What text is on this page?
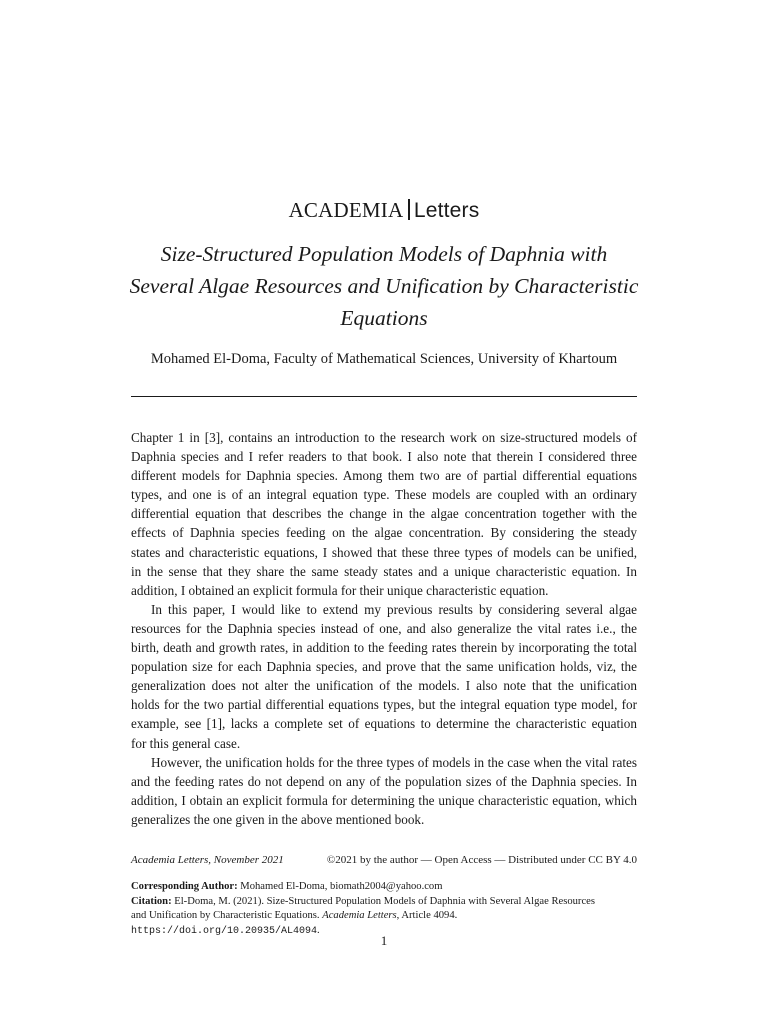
ACADEMIA Letters
Size-Structured Population Models of Daphnia with
Several Algae Resources and Unification by Characteristic
Equations
Mohamed El-Doma, Faculty of Mathematical Sciences, University of Khartoum
Chapter 1 in [3], contains an introduction to the research work on size-structured models of
Daphnia species and I refer readers to that book. I also note that therein I considered three
different models for Daphnia species. Among them two are of partial differential equations
types, and one is of an integral equation type. These models are coupled with an ordinary
differential equation that describes the change in the algae concentration together with the
effects of Daphnia species feeding on the algae concentration. By considering the steady
states and characteristic equations, I showed that these three types of models can be unified,
in the sense that they share the same steady states and a unique characteristic equation. In
addition, I obtained an explicit formula for their unique characteristic equation.
In this paper, I would like to extend my previous results by considering several algae
resources for the Daphnia species instead of one, and also generalize the vital rates i.e., the
birth, death and growth rates, in addition to the feeding rates therein by incorporating the total
population size for each Daphnia species, and prove that the same unification holds, viz, the
generalization does not alter the unification of the models. I also note that the unification
holds for the two partial differential equations types, but the integral equation type model, for
example, see [1], lacks a complete set of equations to determine the characteristic equation
for this general case.
However, the unification holds for the three types of models in the case when the vital rates
and the feeding rates do not depend on any of the population sizes of the Daphnia species. In
addition, I obtain an explicit formula for determining the unique characteristic equation, which
generalizes the one given in the above mentioned book.
Academia Letters, November 2021	©2021 by the author — Open Access — Distributed under CC BY 4.0
Corresponding Author: Mohamed El-Doma, biomath2004@yahoo.com
Citation: El-Doma, M. (2021). Size-Structured Population Models of Daphnia with Several Algae Resources
and Unification by Characteristic Equations. Academia Letters, Article 4094.
https://doi.org/10.20935/AL4094.
1
